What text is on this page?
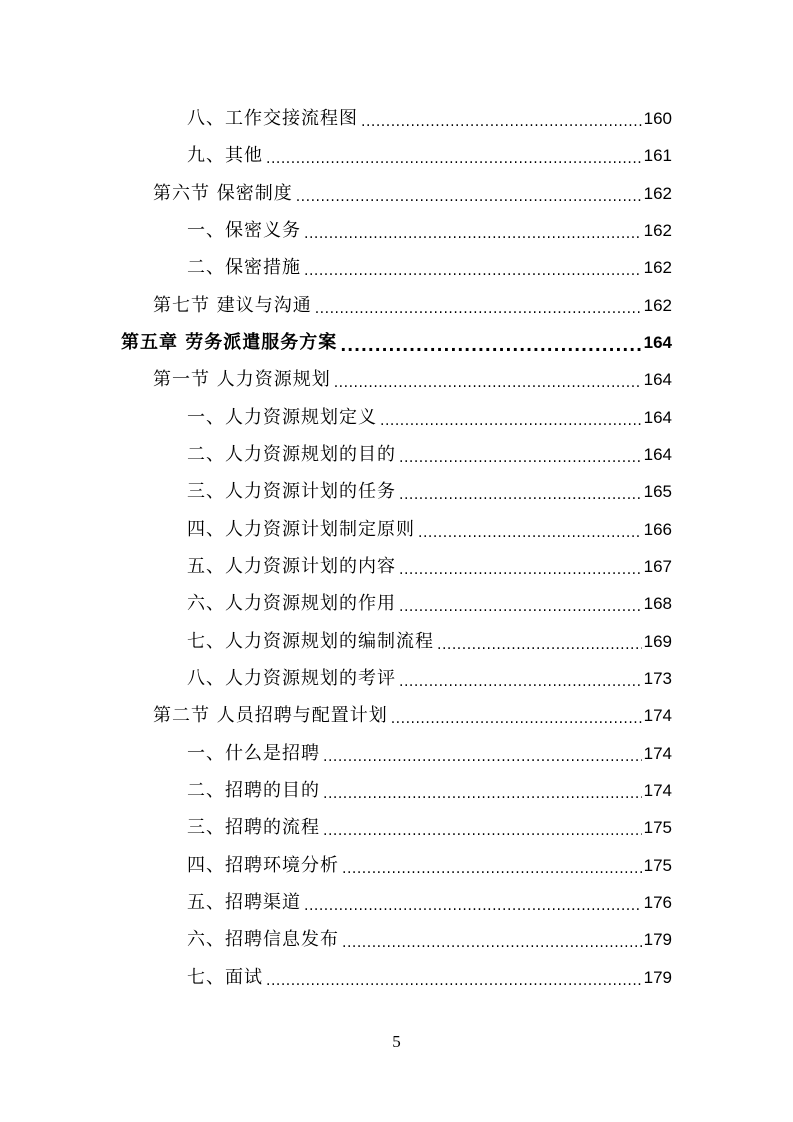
八、工作交接流程图 .....	160
九、其他 .....	161
第六节 保密制度 .....	162
一、保密义务 .....	162
二、保密措施 .....	162
第七节 建议与沟通 .....	162
第五章 劳务派遣服务方案 .....	164
第一节 人力资源规划 .....	164
一、人力资源规划定义 .....	164
二、人力资源规划的目的 .....	164
三、人力资源计划的任务 .....	165
四、人力资源计划制定原则 .....	166
五、人力资源计划的内容 .....	167
六、人力资源规划的作用 .....	168
七、人力资源规划的编制流程 .....	169
八、人力资源规划的考评 .....	173
第二节 人员招聘与配置计划 .....	174
一、什么是招聘 .....	174
二、招聘的目的 .....	174
三、招聘的流程 .....	175
四、招聘环境分析 .....	175
五、招聘渠道 .....	176
六、招聘信息发布 .....	179
七、面试 .....	179
5
